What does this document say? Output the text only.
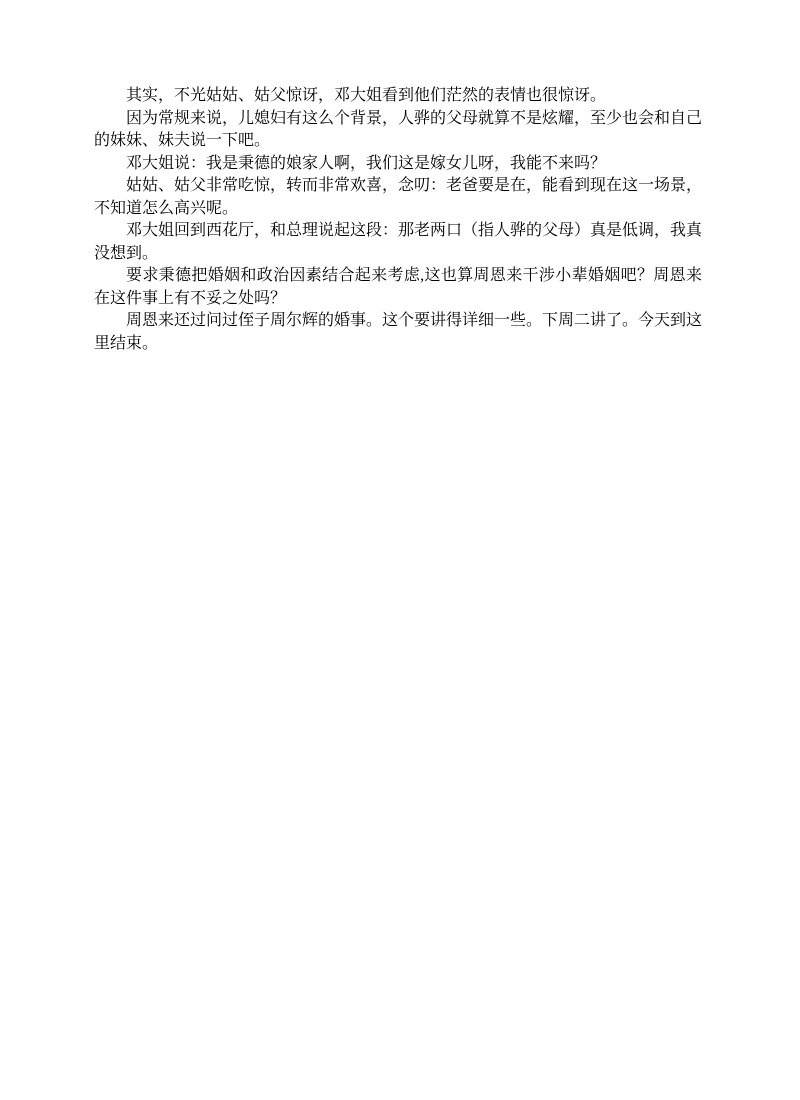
其实，不光姑姑、姑父惊讶，邓大姐看到他们茫然的表情也很惊讶。

因为常规来说，儿媳妇有这么个背景，人骅的父母就算不是炫耀，至少也会和自己的妹妹、妹夫说一下吧。

邓大姐说：我是秉德的娘家人啊，我们这是嫁女儿呀，我能不来吗？

姑姑、姑父非常吃惊，转而非常欢喜，念叨：老爸要是在，能看到现在这一场景，不知道怎么高兴呢。

邓大姐回到西花厅，和总理说起这段：那老两口（指人骅的父母）真是低调，我真没想到。

要求秉德把婚姻和政治因素结合起来考虑,这也算周恩来干涉小辈婚姻吧？周恩来在这件事上有不妥之处吗？

周恩来还过问过侄子周尔辉的婚事。这个要讲得详细一些。下周二讲了。今天到这里结束。
